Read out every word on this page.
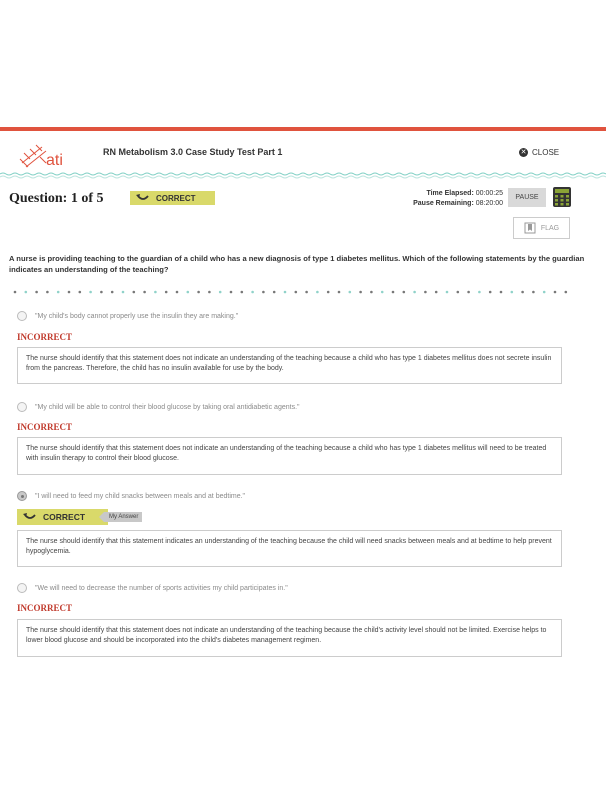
ati	RN Metabolism 3.0 Case Study Test Part 1	✕ CLOSE
Question: 1 of 5	CORRECT	Time Elapsed: 00:00:25
Pause Remaining: 08:20:00
PAUSE
FLAG
A nurse is providing teaching to the guardian of a child who has a new diagnosis of type 1 diabetes mellitus. Which of the following statements by the guardian indicates an understanding of the teaching?
"My child's body cannot properly use the insulin they are making."
INCORRECT
The nurse should identify that this statement does not indicate an understanding of the teaching because a child who has type 1 diabetes mellitus does not secrete insulin from the pancreas. Therefore, the child has no insulin available for use by the body.
"My child will be able to control their blood glucose by taking oral antidiabetic agents."
INCORRECT
The nurse should identify that this statement does not indicate an understanding of the teaching because a child who has type 1 diabetes mellitus will need to be treated with insulin therapy to control their blood glucose.
"I will need to feed my child snacks between meals and at bedtime."
CORRECT	My Answer
The nurse should identify that this statement indicates an understanding of the teaching because the child will need snacks between meals and at bedtime to help prevent hypoglycemia.
"We will need to decrease the number of sports activities my child participates in."
INCORRECT
The nurse should identify that this statement does not indicate an understanding of the teaching because the child's activity level should not be limited. Exercise helps to lower blood glucose and should be incorporated into the child's diabetes management regimen.
